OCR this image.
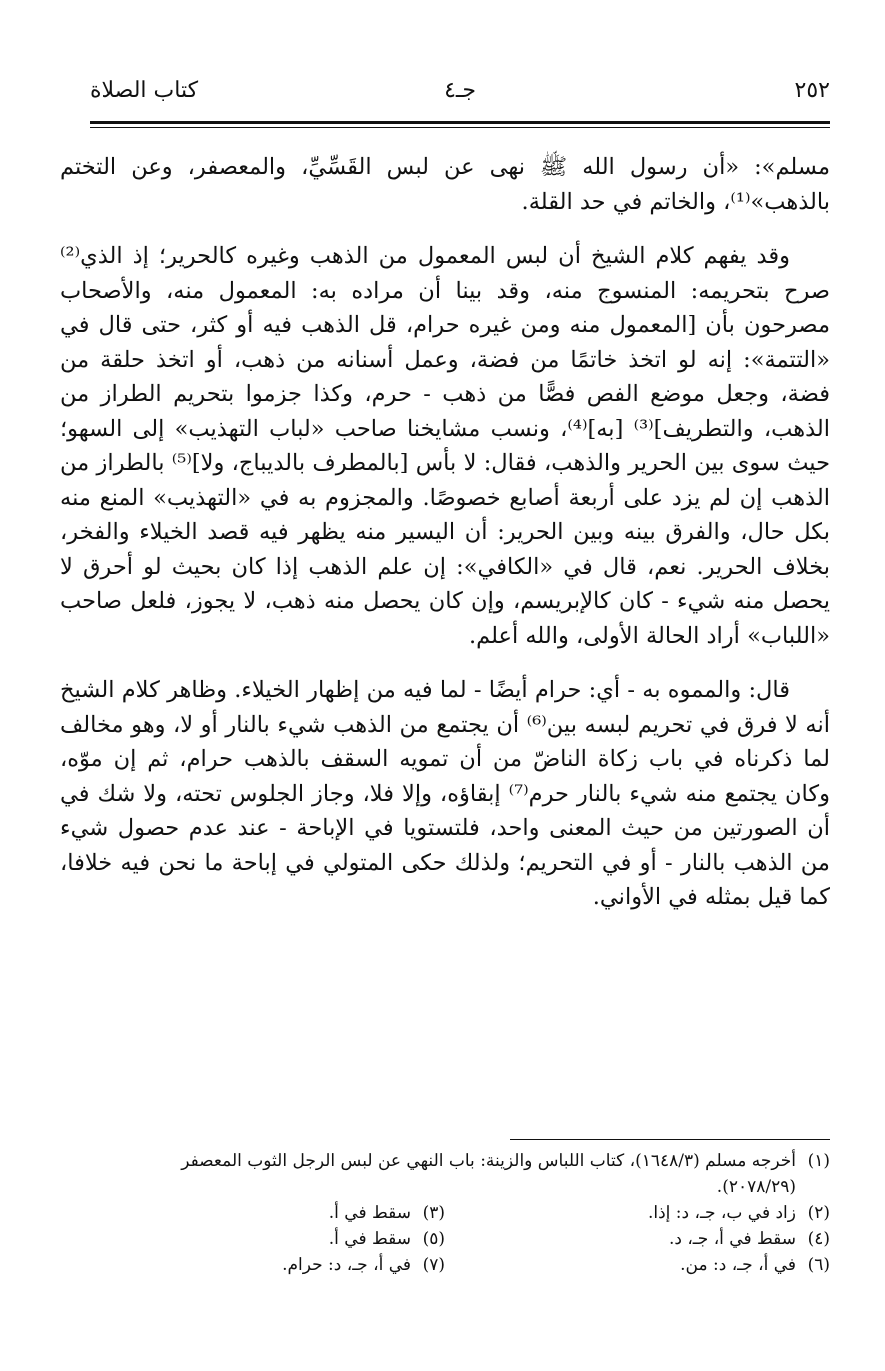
٢٥٢
جـ٤
كتاب الصلاة

مسلم»: «أن رسول الله ﷺ نهى عن لبس القَسِّيِّ، والمعصفر، وعن التختم بالذهب»⁽¹⁾، والخاتم في حد القلة.

وقد يفهم كلام الشيخ أن لبس المعمول من الذهب وغيره كالحرير؛ إذ الذي⁽²⁾ صرح بتحريمه: المنسوج منه، وقد بينا أن مراده به: المعمول منه، والأصحاب مصرحون بأن [المعمول منه ومن غيره حرام، قل الذهب فيه أو كثر، حتى قال في «التتمة»: إنه لو اتخذ خاتمًا من فضة، وعمل أسنانه من ذهب، أو اتخذ حلقة من فضة، وجعل موضع الفص فصًّا من ذهب - حرم، وكذا جزموا بتحريم الطراز من الذهب، والتطريف]⁽³⁾ [به]⁽⁴⁾، ونسب مشايخنا صاحب «لباب التهذيب» إلى السهو؛ حيث سوى بين الحرير والذهب، فقال: لا بأس [بالمطرف بالديباج، ولا]⁽⁵⁾ بالطراز من الذهب إن لم يزد على أربعة أصابع خصوصًا. والمجزوم به في «التهذيب» المنع منه بكل حال، والفرق بينه وبين الحرير: أن اليسير منه يظهر فيه قصد الخيلاء والفخر، بخلاف الحرير. نعم، قال في «الكافي»: إن علم الذهب إذا كان بحيث لو أحرق لا يحصل منه شيء - كان كالإبريسم، وإن كان يحصل منه ذهب، لا يجوز، فلعل صاحب «اللباب» أراد الحالة الأولى، والله أعلم.

قال: والمموه به - أي: حرام أيضًا - لما فيه من إظهار الخيلاء. وظاهر كلام الشيخ أنه لا فرق في تحريم لبسه بين⁽⁶⁾ أن يجتمع من الذهب شيء بالنار أو لا، وهو مخالف لما ذكرناه في باب زكاة الناضّ من أن تمويه السقف بالذهب حرام، ثم إن موّه، وكان يجتمع منه شيء بالنار حرم⁽⁷⁾ إبقاؤه، وإلا فلا، وجاز الجلوس تحته، ولا شك في أن الصورتين من حيث المعنى واحد، فلتستويا في الإباحة - عند عدم حصول شيء من الذهب بالنار - أو في التحريم؛ ولذلك حكى المتولي في إباحة ما نحن فيه خلافا، كما قيل بمثله في الأواني.

(١)أخرجه مسلم (١٦٤٨/٣)، كتاب اللباس والزينة: باب النهي عن لبس الرجل الثوب المعصفر
(٢٠٧٨/٢٩).
(٢)زاد في ب، جـ، د: إذا.
(٣)سقط في أ.
(٤)سقط في أ، جـ، د.
(٥)سقط في أ.
(٦)في أ، جـ، د: من.
(٧)في أ، جـ، د: حرام.
